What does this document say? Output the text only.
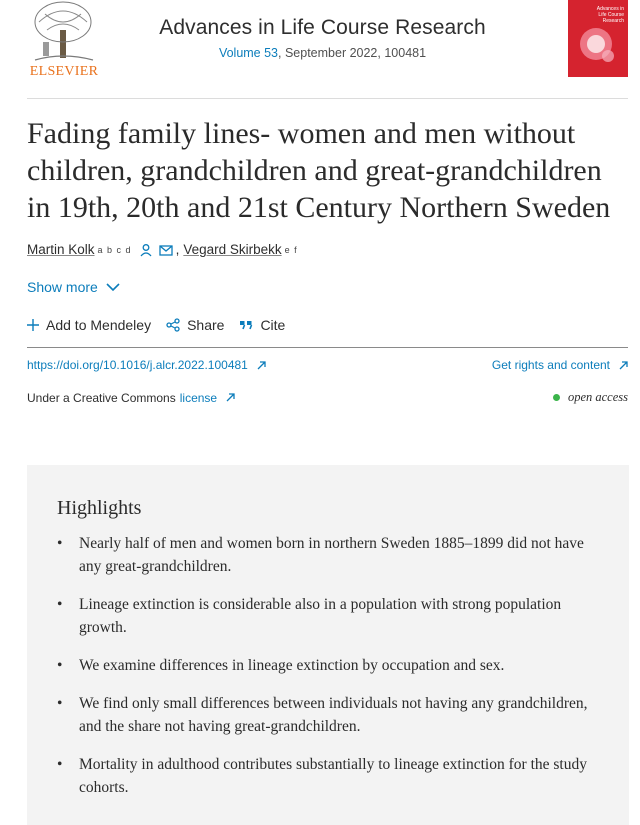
ELSEVIER
Advances in Life Course Research
Volume 53, September 2022, 100481
Advances in Life Course Research
Fading family lines- women and men without children, grandchildren and great-grandchildren in 19th, 20th and 21st Century Northern Sweden
Martin Kolk a b c d	, Vegard Skirbekk e f
Show more
Add to Mendeley	Share	Cite
https://doi.org/10.1016/j.alcr.2022.100481	Get rights and content
Under a Creative Commons license	open access
Highlights
• Nearly half of men and women born in northern Sweden 1885–1899 did not have any great-grandchildren.
• Lineage extinction is considerable also in a population with strong population growth.
• We examine differences in lineage extinction by occupation and sex.
• We find only small differences between individuals not having any grandchildren, and the share not having great-grandchildren.
• Mortality in adulthood contributes substantially to lineage extinction for the study cohorts.
